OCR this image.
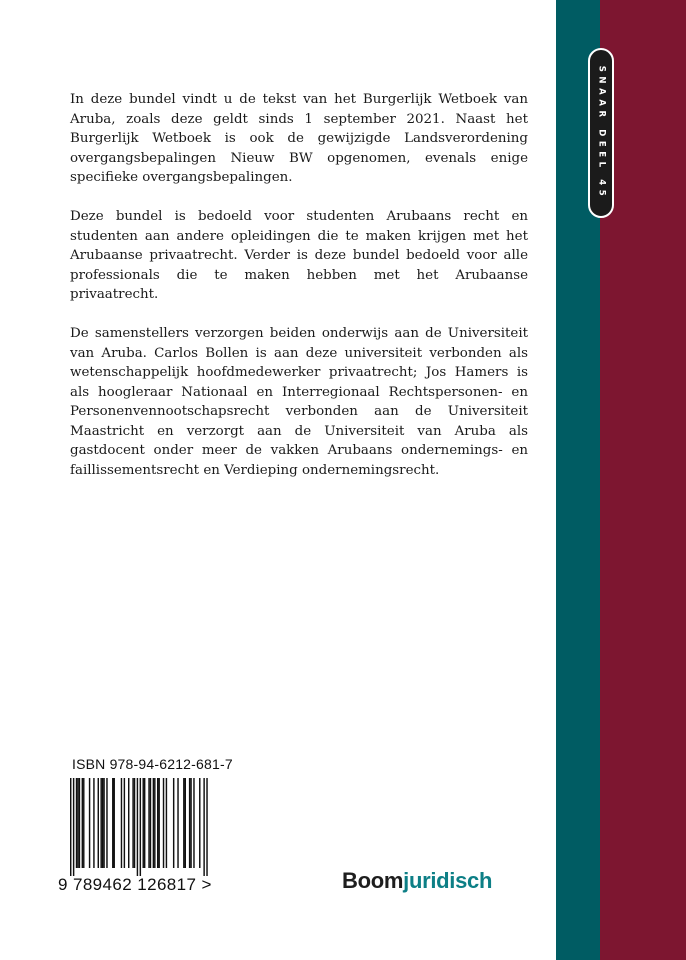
SNAAR DEEL 45

In deze bundel vindt u de tekst van het Burgerlijk Wetboek van Aruba, zoals deze geldt sinds 1 september 2021. Naast het Burgerlijk Wetboek is ook de gewijzigde Landsverordening overgangsbepalingen Nieuw BW opgenomen, evenals enige specifieke overgangsbepalingen.

Deze bundel is bedoeld voor studenten Arubaans recht en studenten aan andere opleidingen die te maken krijgen met het Arubaanse privaatrecht. Verder is deze bundel bedoeld voor alle professionals die te maken hebben met het Arubaanse privaatrecht.

De samenstellers verzorgen beiden onderwijs aan de Universiteit van Aruba. Carlos Bollen is aan deze universiteit verbonden als wetenschappelijk hoofdmedewerker privaatrecht; Jos Hamers is als hoogleraar Nationaal en Interregionaal Rechtspersonen- en Personenvennootschapsrecht verbonden aan de Universiteit Maastricht en verzorgt aan de Universiteit van Aruba als gastdocent onder meer de vakken Arubaans ondernemings- en faillissementsrecht en Verdieping ondernemingsrecht.

ISBN 978-94-6212-681-7
9 789462 126817 >	Boomjuridisch
